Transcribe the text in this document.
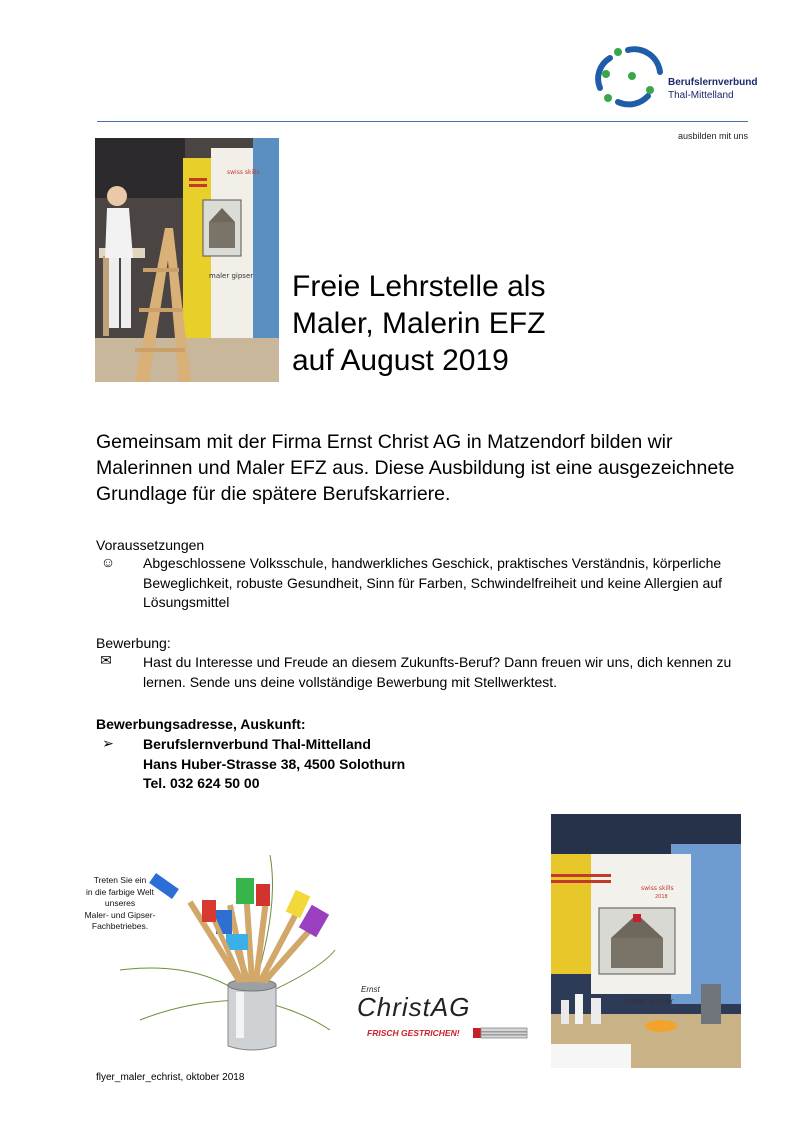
Berufslernverbund
Thal-Mittelland
ausbilden mit uns
swiss skills
maler gipser Freie Lehrstelle als
Maler, Malerin EFZ
auf August 2019
Gemeinsam mit der Firma Ernst Christ AG in Matzendorf bilden wir Malerinnen und Maler EFZ aus. Diese Ausbildung ist eine ausgezeichnete Grundlage für die spätere Berufskarriere.
Voraussetzungen
☺	Abgeschlossene Volksschule, handwerkliches Geschick, praktisches Verständnis, körperliche Beweglichkeit, robuste Gesundheit, Sinn für Farben, Schwindelfreiheit und keine Allergien auf Lösungsmittel
Bewerbung:
✉	Hast du Interesse und Freude an diesem Zukunfts-Beruf? Dann freuen wir uns, dich kennen zu lernen. Sende uns deine vollständige Bewerbung mit Stellwerktest.
Bewerbungsadresse, Auskunft:
➢	Berufslernverbund Thal-Mittelland
Hans Huber-Strasse 38, 4500 Solothurn
Tel. 032 624 50 00
Treten Sie ein
in die farbige Welt
unseres
Maler- und Gipser-
Fachbetriebes.
Ernst
ChristAG
FRISCH GESTRICHEN!
swiss skills
2018
maler gipser
flyer_maler_echrist, oktober 2018
